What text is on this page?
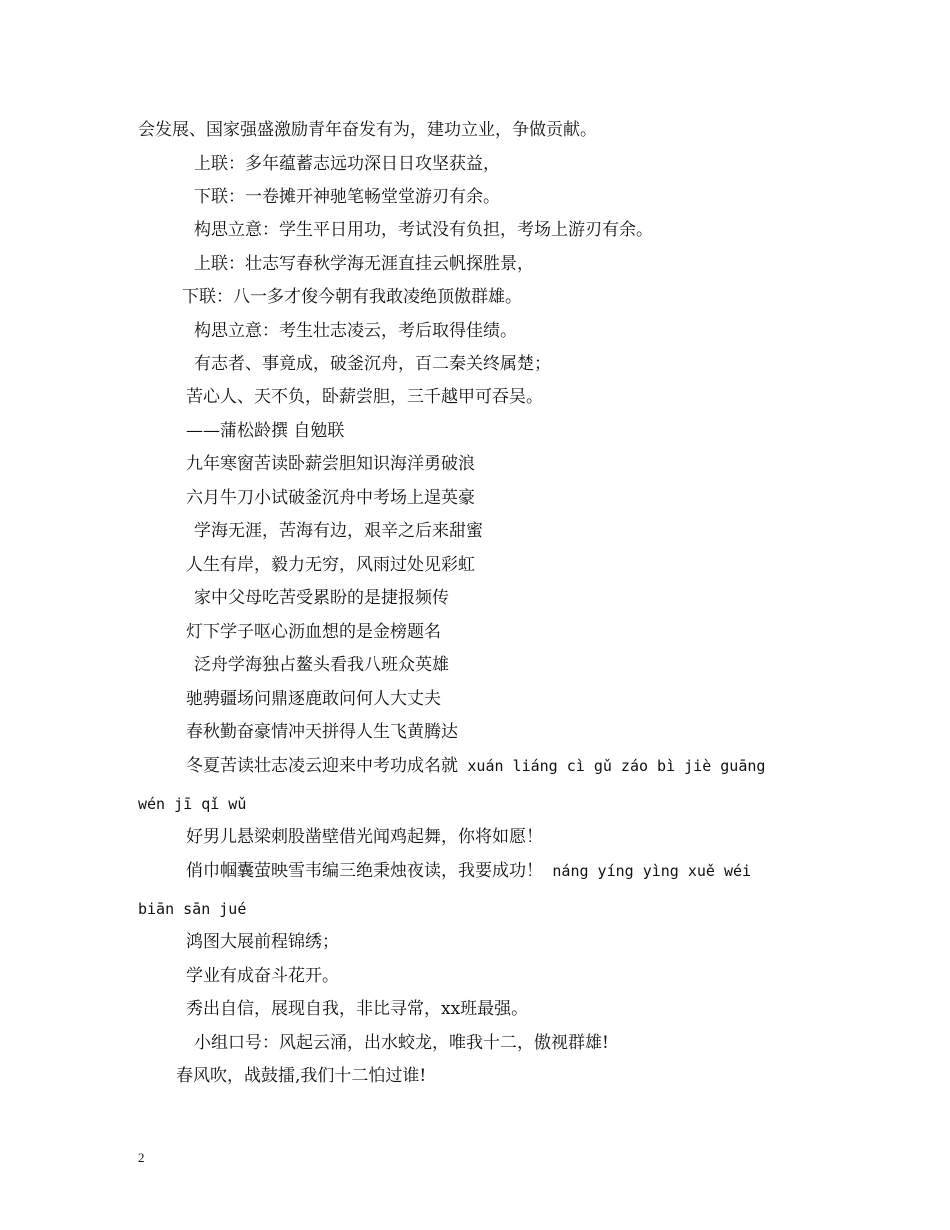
会发展、国家强盛激励青年奋发有为，建功立业，争做贡献。
上联：多年蕴蓄志远功深日日攻坚获益，
下联：一卷摊开神驰笔畅堂堂游刃有余。
构思立意：学生平日用功，考试没有负担，考场上游刃有余。
上联：壮志写春秋学海无涯直挂云帆探胜景，
下联：八一多才俊今朝有我敢凌绝顶傲群雄。
构思立意：考生壮志凌云，考后取得佳绩。
有志者、事竟成，破釜沉舟，百二秦关终属楚；
苦心人、天不负，卧薪尝胆，三千越甲可吞吴。
——蒲松龄撰 自勉联
九年寒窗苦读卧薪尝胆知识海洋勇破浪
六月牛刀小试破釜沉舟中考场上逞英豪
学海无涯，苦海有边，艰辛之后来甜蜜
人生有岸，毅力无穷，风雨过处见彩虹
家中父母吃苦受累盼的是捷报频传
灯下学子呕心沥血想的是金榜题名
泛舟学海独占鳌头看我八班众英雄
驰骋疆场问鼎逐鹿敢问何人大丈夫
春秋勤奋豪情冲天拼得人生飞黄腾达
冬夏苦读壮志凌云迎来中考功成名就 xuán liáng cì gǔ záo bì jiè guāng
wén jī qǐ wǔ
好男儿悬梁刺股凿壁借光闻鸡起舞，你将如愿！
俏巾帼囊萤映雪韦编三绝秉烛夜读，我要成功！ náng yíng yìng xuě wéi
biān sān jué
鸿图大展前程锦绣；
学业有成奋斗花开。
秀出自信，展现自我，非比寻常，xx班最强。
小组口号：风起云涌，出水蛟龙，唯我十二，傲视群雄!
春风吹，战鼓擂,我们十二怕过谁!
2
